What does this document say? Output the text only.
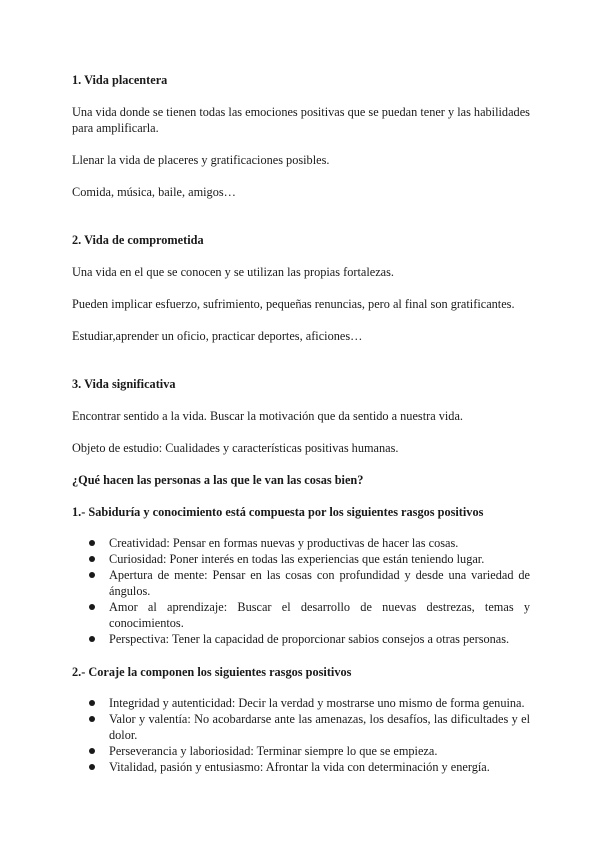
1. Vida placentera

Una vida donde se tienen todas las emociones positivas que se puedan tener y las habilidades para amplificarla.

Llenar la vida de placeres y gratificaciones posibles.

Comida, música, baile, amigos…

2. Vida de comprometida

Una vida en el que se conocen y se utilizan las propias fortalezas.

Pueden implicar esfuerzo, sufrimiento, pequeñas renuncias, pero al final son gratificantes.

Estudiar,aprender un oficio, practicar deportes, aficiones…

3. Vida significativa

Encontrar sentido a la vida. Buscar la motivación que da sentido a nuestra vida.

Objeto de estudio: Cualidades y características positivas humanas.

¿Qué hacen las personas a las que le van las cosas bien?

1.- Sabiduría y conocimiento está compuesta por los siguientes rasgos positivos

Creatividad: Pensar en formas nuevas y productivas de hacer las cosas.
Curiosidad: Poner interés en todas las experiencias que están teniendo lugar.
Apertura de mente: Pensar en las cosas con profundidad y desde una variedad de ángulos.
Amor al aprendizaje: Buscar el desarrollo de nuevas destrezas, temas y conocimientos.
Perspectiva: Tener la capacidad de proporcionar sabios consejos a otras personas.

2.- Coraje la componen los siguientes rasgos positivos

Integridad y autenticidad: Decir la verdad y mostrarse uno mismo de forma genuina.
Valor y valentía: No acobardarse ante las amenazas, los desafíos, las dificultades y el dolor.
Perseverancia y laboriosidad: Terminar siempre lo que se empieza.
Vitalidad, pasión y entusiasmo: Afrontar la vida con determinación y energía.
